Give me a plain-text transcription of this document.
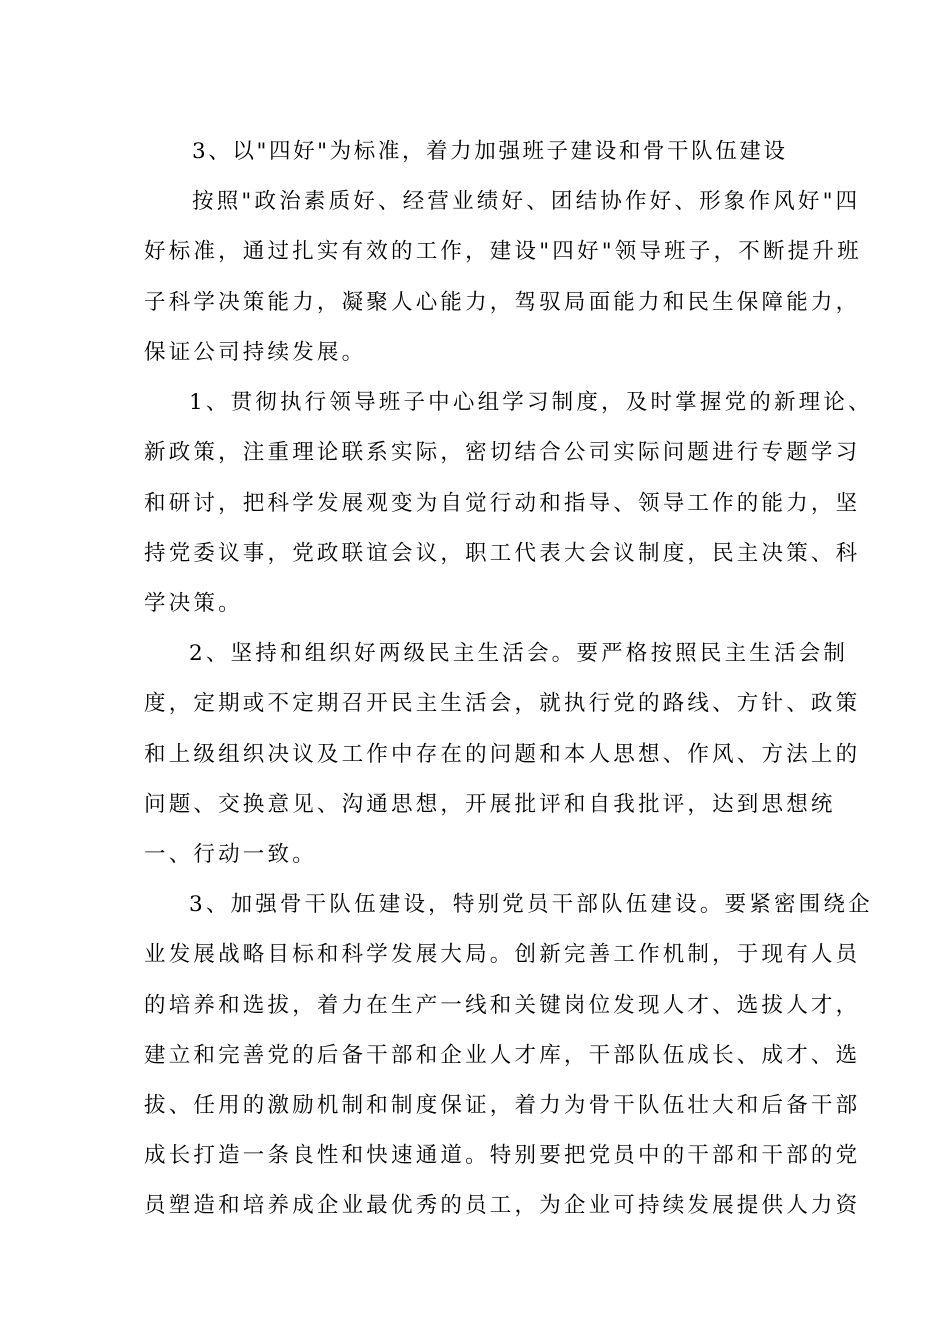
3、以"四好"为标准，着力加强班子建设和骨干队伍建设
按照"政治素质好、经营业绩好、团结协作好、形象作风好"四
好标准，通过扎实有效的工作，建设"四好"领导班子，不断提升班
子科学决策能力，凝聚人心能力，驾驭局面能力和民生保障能力，
保证公司持续发展。
1、贯彻执行领导班子中心组学习制度，及时掌握党的新理论、
新政策，注重理论联系实际，密切结合公司实际问题进行专题学习
和研讨，把科学发展观变为自觉行动和指导、领导工作的能力，坚
持党委议事，党政联谊会议，职工代表大会议制度，民主决策、科
学决策。
2、坚持和组织好两级民主生活会。要严格按照民主生活会制
度，定期或不定期召开民主生活会，就执行党的路线、方针、政策
和上级组织决议及工作中存在的问题和本人思想、作风、方法上的
问题、交换意见、沟通思想，开展批评和自我批评，达到思想统
一、行动一致。
3、加强骨干队伍建设，特别党员干部队伍建设。要紧密围绕企
业发展战略目标和科学发展大局。创新完善工作机制，于现有人员
的培养和选拔，着力在生产一线和关键岗位发现人才、选拔人才，
建立和完善党的后备干部和企业人才库，干部队伍成长、成才、选
拔、任用的激励机制和制度保证，着力为骨干队伍壮大和后备干部
成长打造一条良性和快速通道。特别要把党员中的干部和干部的党
员塑造和培养成企业最优秀的员工，为企业可持续发展提供人力资
